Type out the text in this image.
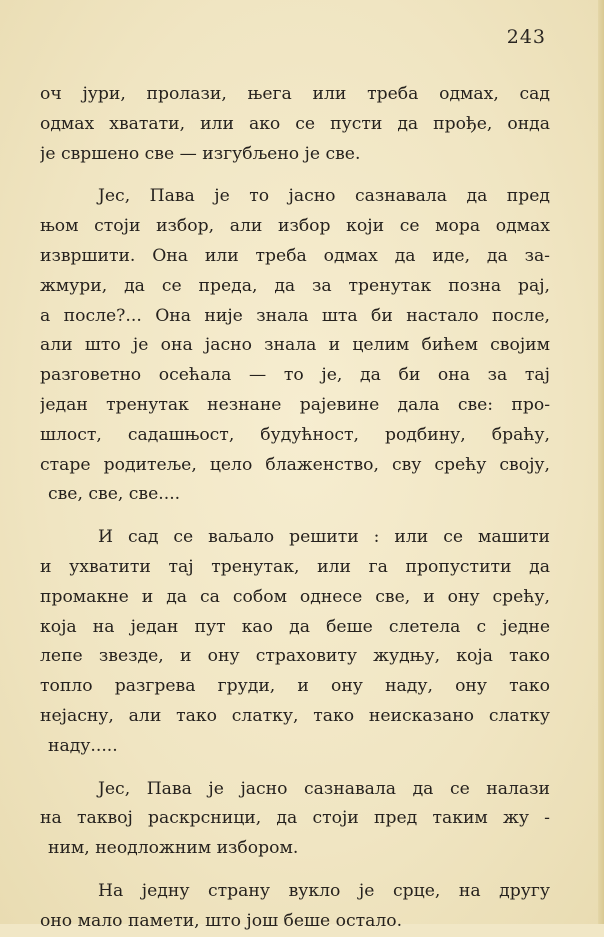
243

оч јури, пролази, њега или треба одмах, сад
одмах хватати, или ако се пусти да прође, онда
је свршено све — изгубљено је све.

Јес, Пава је то јасно сазнавала да пред
њом стоји избор, али избор који се мора одмах
извршити. Она или треба одмах да иде, да за-
жмури, да се преда, да за тренутак позна рај,
а после?... Она није знала шта би настало после,
али што је она јасно знала и целим бићем својим
разговетно осећала — то је, да би она за тај
један тренутак незнане рајевине дала све: про-
шлост, садашњост, будућност, родбину, браћу,
старе родитеље, цело блаженство, сву срећу своју,
све, све, све....

И сад се ваљало решити : или се машити
и ухватити тај тренутак, или га пропустити да
промакне и да са собом однесе све, и ону срећу,
која на један пут као да беше слетела с једне
лепе звезде, и ону страховиту жудњу, која тако
топло разгрева груди, и ону наду, ону тако
нејасну, али тако слатку, тако неисказано слатку
наду.....

Јес, Пава је јасно сазнавала да се налази
на таквој раскрсници, да стоји пред таким жу -
ним, неодложним избором.

На једну страну вукло је срце, на другу
оно мало памети, што још беше остало.
